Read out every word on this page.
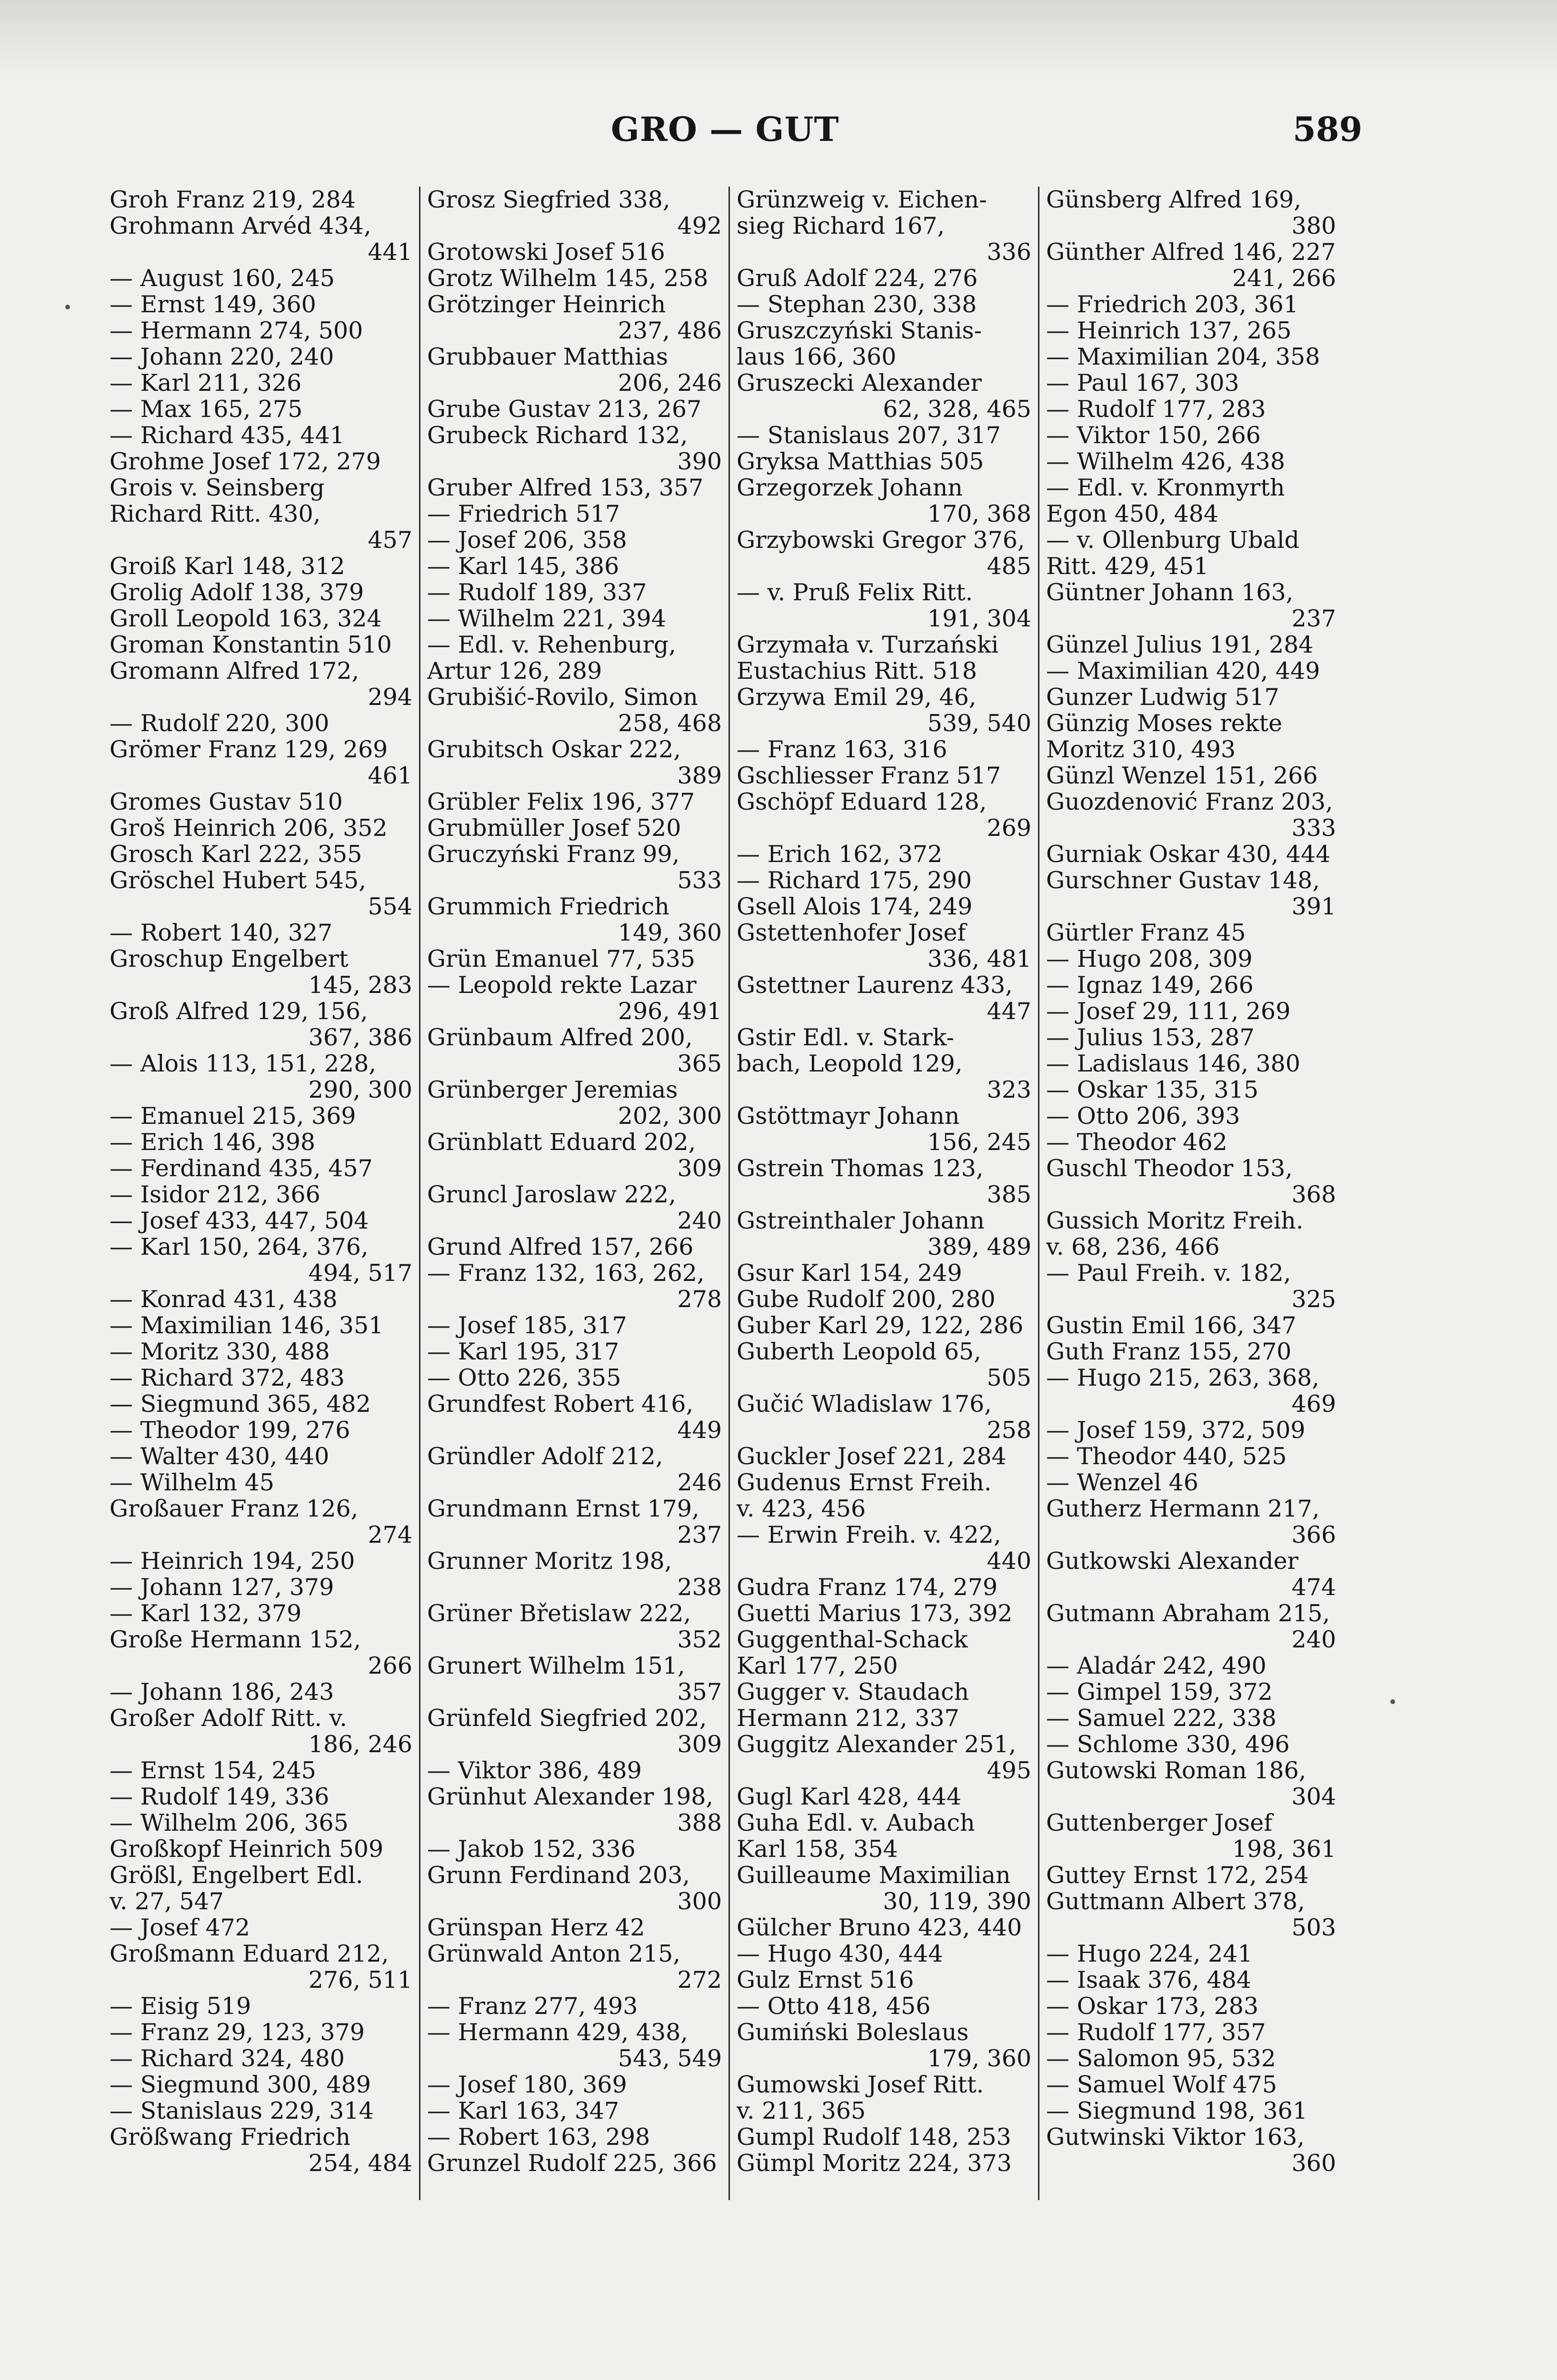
GRO — GUT	589
Groh Franz 219, 284
Grohmann Arvéd 434,
441
— August 160, 245
— Ernst 149, 360
— Hermann 274, 500
— Johann 220, 240
— Karl 211, 326
— Max 165, 275
— Richard 435, 441
Grohme Josef 172, 279
Grois v. Seinsberg
Richard Ritt. 430,
457
Groiß Karl 148, 312
Grolig Adolf 138, 379
Groll Leopold 163, 324
Groman Konstantin 510
Gromann Alfred 172,
294
— Rudolf 220, 300
Grömer Franz 129, 269
461
Gromes Gustav 510
Groš Heinrich 206, 352
Grosch Karl 222, 355
Gröschel Hubert 545,
554
— Robert 140, 327
Groschup Engelbert
145, 283
Groß Alfred 129, 156,
367, 386
— Alois 113, 151, 228,
290, 300
— Emanuel 215, 369
— Erich 146, 398
— Ferdinand 435, 457
— Isidor 212, 366
— Josef 433, 447, 504
— Karl 150, 264, 376,
494, 517
— Konrad 431, 438
— Maximilian 146, 351
— Moritz 330, 488
— Richard 372, 483
— Siegmund 365, 482
— Theodor 199, 276
— Walter 430, 440
— Wilhelm 45
Großauer Franz 126,
274
— Heinrich 194, 250
— Johann 127, 379
— Karl 132, 379
Große Hermann 152,
266
— Johann 186, 243
Großer Adolf Ritt. v.
186, 246
— Ernst 154, 245
— Rudolf 149, 336
— Wilhelm 206, 365
Großkopf Heinrich 509
Größl, Engelbert Edl.
v. 27, 547
— Josef 472
Großmann Eduard 212,
276, 511
— Eisig 519
— Franz 29, 123, 379
— Richard 324, 480
— Siegmund 300, 489
— Stanislaus 229, 314
Größwang Friedrich
254, 484
Grosz Siegfried 338,
492
Grotowski Josef 516
Grotz Wilhelm 145, 258
Grötzinger Heinrich
237, 486
Grubbauer Matthias
206, 246
Grube Gustav 213, 267
Grubeck Richard 132,
390
Gruber Alfred 153, 357
— Friedrich 517
— Josef 206, 358
— Karl 145, 386
— Rudolf 189, 337
— Wilhelm 221, 394
— Edl. v. Rehenburg,
Artur 126, 289
Grubišić-Rovilo, Simon
258, 468
Grubitsch Oskar 222,
389
Grübler Felix 196, 377
Grubmüller Josef 520
Gruczyński Franz 99,
533
Grummich Friedrich
149, 360
Grün Emanuel 77, 535
— Leopold rekte Lazar
296, 491
Grünbaum Alfred 200,
365
Grünberger Jeremias
202, 300
Grünblatt Eduard 202,
309
Gruncl Jaroslaw 222,
240
Grund Alfred 157, 266
— Franz 132, 163, 262,
278
— Josef 185, 317
— Karl 195, 317
— Otto 226, 355
Grundfest Robert 416,
449
Gründler Adolf 212,
246
Grundmann Ernst 179,
237
Grunner Moritz 198,
238
Grüner Břetislaw 222,
352
Grunert Wilhelm 151,
357
Grünfeld Siegfried 202,
309
— Viktor 386, 489
Grünhut Alexander 198,
388
— Jakob 152, 336
Grunn Ferdinand 203,
300
Grünspan Herz 42
Grünwald Anton 215,
272
— Franz 277, 493
— Hermann 429, 438,
543, 549
— Josef 180, 369
— Karl 163, 347
— Robert 163, 298
Grunzel Rudolf 225, 366
Grünzweig v. Eichen-
sieg Richard 167,
336
Gruß Adolf 224, 276
— Stephan 230, 338
Gruszczyński Stanis-
laus 166, 360
Gruszecki Alexander
62, 328, 465
— Stanislaus 207, 317
Gryksa Matthias 505
Grzegorzek Johann
170, 368
Grzybowski Gregor 376,
485
— v. Pruß Felix Ritt.
191, 304
Grzymała v. Turzański
Eustachius Ritt. 518
Grzywa Emil 29, 46,
539, 540
— Franz 163, 316
Gschliesser Franz 517
Gschöpf Eduard 128,
269
— Erich 162, 372
— Richard 175, 290
Gsell Alois 174, 249
Gstettenhofer Josef
336, 481
Gstettner Laurenz 433,
447
Gstir Edl. v. Stark-
bach, Leopold 129,
323
Gstöttmayr Johann
156, 245
Gstrein Thomas 123,
385
Gstreinthaler Johann
389, 489
Gsur Karl 154, 249
Gube Rudolf 200, 280
Guber Karl 29, 122, 286
Guberth Leopold 65,
505
Gučić Wladislaw 176,
258
Guckler Josef 221, 284
Gudenus Ernst Freih.
v. 423, 456
— Erwin Freih. v. 422,
440
Gudra Franz 174, 279
Guetti Marius 173, 392
Guggenthal-Schack
Karl 177, 250
Gugger v. Staudach
Hermann 212, 337
Guggitz Alexander 251,
495
Gugl Karl 428, 444
Guha Edl. v. Aubach
Karl 158, 354
Guilleaume Maximilian
30, 119, 390
Gülcher Bruno 423, 440
— Hugo 430, 444
Gulz Ernst 516
— Otto 418, 456
Gumiński Boleslaus
179, 360
Gumowski Josef Ritt.
v. 211, 365
Gumpl Rudolf 148, 253
Gümpl Moritz 224, 373
Günsberg Alfred 169,
380
Günther Alfred 146, 227
241, 266
— Friedrich 203, 361
— Heinrich 137, 265
— Maximilian 204, 358
— Paul 167, 303
— Rudolf 177, 283
— Viktor 150, 266
— Wilhelm 426, 438
— Edl. v. Kronmyrth
Egon 450, 484
— v. Ollenburg Ubald
Ritt. 429, 451
Güntner Johann 163,
237
Günzel Julius 191, 284
— Maximilian 420, 449
Gunzer Ludwig 517
Günzig Moses rekte
Moritz 310, 493
Günzl Wenzel 151, 266
Guozdenović Franz 203,
333
Gurniak Oskar 430, 444
Gurschner Gustav 148,
391
Gürtler Franz 45
— Hugo 208, 309
— Ignaz 149, 266
— Josef 29, 111, 269
— Julius 153, 287
— Ladislaus 146, 380
— Oskar 135, 315
— Otto 206, 393
— Theodor 462
Guschl Theodor 153,
368
Gussich Moritz Freih.
v. 68, 236, 466
— Paul Freih. v. 182,
325
Gustin Emil 166, 347
Guth Franz 155, 270
— Hugo 215, 263, 368,
469
— Josef 159, 372, 509
— Theodor 440, 525
— Wenzel 46
Gutherz Hermann 217,
366
Gutkowski Alexander
474
Gutmann Abraham 215,
240
— Aladár 242, 490
— Gimpel 159, 372
— Samuel 222, 338
— Schlome 330, 496
Gutowski Roman 186,
304
Guttenberger Josef
198, 361
Guttey Ernst 172, 254
Guttmann Albert 378,
503
— Hugo 224, 241
— Isaak 376, 484
— Oskar 173, 283
— Rudolf 177, 357
— Salomon 95, 532
— Samuel Wolf 475
— Siegmund 198, 361
Gutwinski Viktor 163,
360
